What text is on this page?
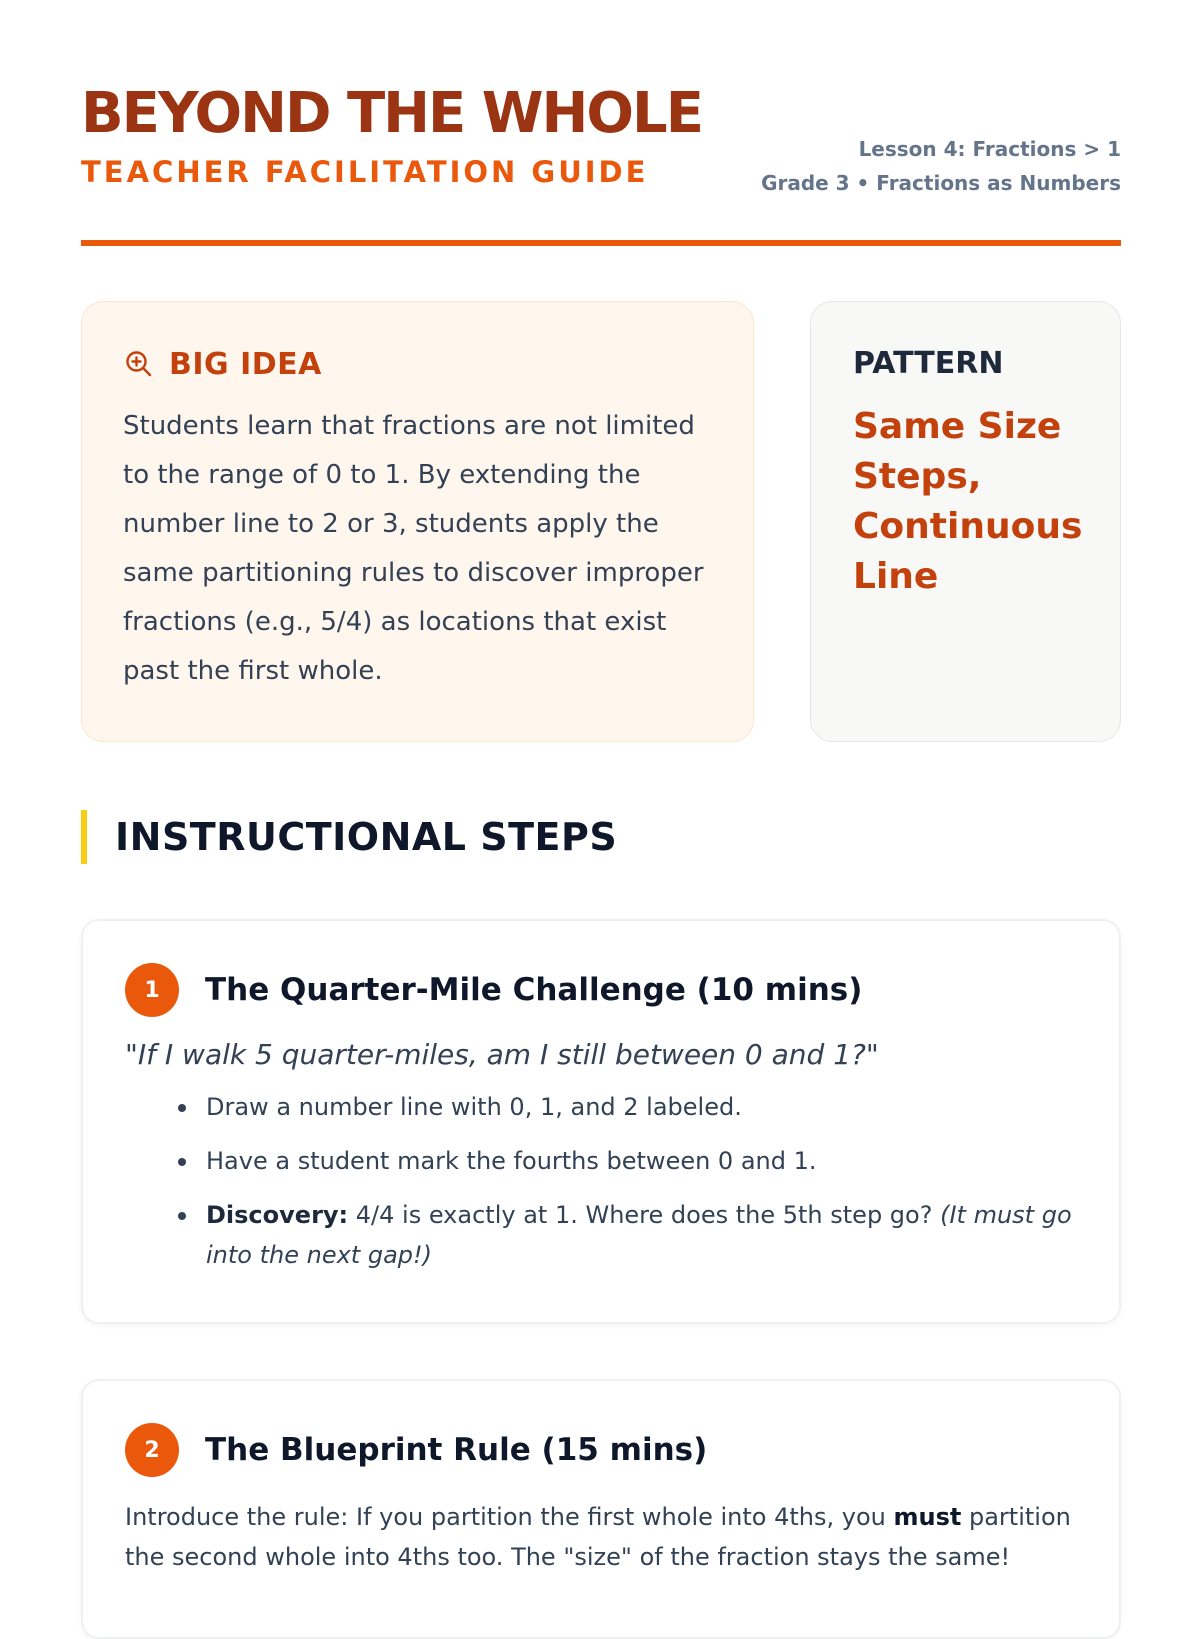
BEYOND THE WHOLE
TEACHER FACILITATION GUIDE
Lesson 4: Fractions > 1
Grade 3 • Fractions as Numbers
BIG IDEA

Students learn that fractions are not limited to the range of 0 to 1. By extending the number line to 2 or 3, students apply the same partitioning rules to discover improper fractions (e.g., 5/4) as locations that exist past the first whole.

PATTERN

Same Size Steps, Continuous Line

INSTRUCTIONAL STEPS
1	The Quarter-Mile Challenge (10 mins)

"If I walk 5 quarter-miles, am I still between 0 and 1?"

Draw a number line with 0, 1, and 2 labeled.
Have a student mark the fourths between 0 and 1.
Discovery: 4/4 is exactly at 1. Where does the 5th step go? (It must go into the next gap!)
2	The Blueprint Rule (15 mins)

Introduce the rule: If you partition the first whole into 4ths, you must partition the second whole into 4ths too. The "size" of the fraction stays the same!
